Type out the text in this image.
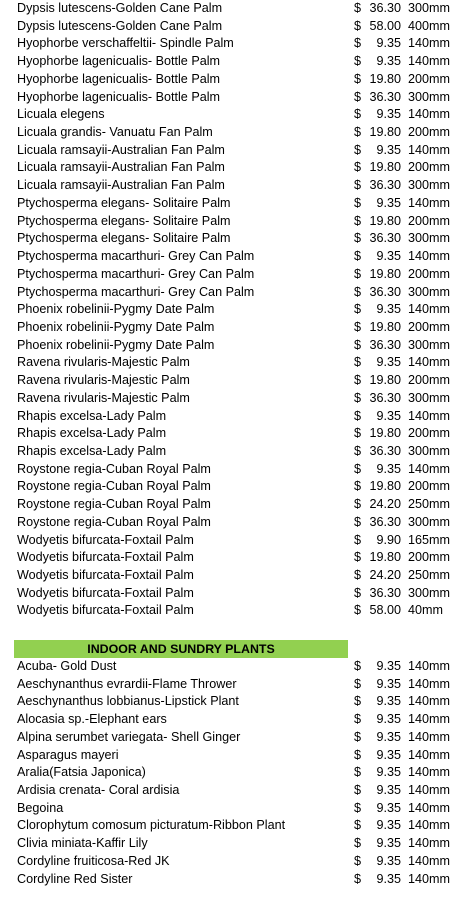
Dypsis lutescens-Golden Cane Palm	$ 36.30 300mm
Dypsis lutescens-Golden Cane Palm	$ 58.00 400mm
Hyophorbe verschaffeltii- Spindle Palm	$	9.35 140mm
Hyophorbe lagenicualis- Bottle Palm	$	9.35 140mm
Hyophorbe lagenicualis- Bottle Palm	$ 19.80 200mm
Hyophorbe lagenicualis- Bottle Palm	$ 36.30 300mm
Licuala elegens	$	9.35 140mm
Licuala grandis- Vanuatu Fan Palm	$ 19.80 200mm
Licuala ramsayii-Australian Fan Palm	$	9.35 140mm
Licuala ramsayii-Australian Fan Palm	$ 19.80 200mm
Licuala ramsayii-Australian Fan Palm	$ 36.30 300mm
Ptychosperma elegans- Solitaire Palm	$	9.35 140mm
Ptychosperma elegans- Solitaire Palm	$ 19.80 200mm
Ptychosperma elegans- Solitaire Palm	$ 36.30 300mm
Ptychosperma macarthuri- Grey Can Palm	$	9.35 140mm
Ptychosperma macarthuri- Grey Can Palm	$ 19.80 200mm
Ptychosperma macarthuri- Grey Can Palm	$ 36.30 300mm
Phoenix robelinii-Pygmy Date Palm	$	9.35 140mm
Phoenix robelinii-Pygmy Date Palm	$ 19.80 200mm
Phoenix robelinii-Pygmy Date Palm	$ 36.30 300mm
Ravena rivularis-Majestic Palm	$	9.35 140mm
Ravena rivularis-Majestic Palm	$ 19.80 200mm
Ravena rivularis-Majestic Palm	$ 36.30 300mm
Rhapis excelsa-Lady Palm	$	9.35 140mm
Rhapis excelsa-Lady Palm	$ 19.80 200mm
Rhapis excelsa-Lady Palm	$ 36.30 300mm
Roystone regia-Cuban Royal Palm	$	9.35 140mm
Roystone regia-Cuban Royal Palm	$ 19.80 200mm
Roystone regia-Cuban Royal Palm	$ 24.20 250mm
Roystone regia-Cuban Royal Palm	$ 36.30 300mm
Wodyetis bifurcata-Foxtail Palm	$	9.90 165mm
Wodyetis bifurcata-Foxtail Palm	$ 19.80 200mm
Wodyetis bifurcata-Foxtail Palm	$ 24.20 250mm
Wodyetis bifurcata-Foxtail Palm	$ 36.30 300mm
Wodyetis bifurcata-Foxtail Palm	$ 58.00 40mm
INDOOR AND SUNDRY PLANTS
Acuba- Gold Dust	$	9.35 140mm
Aeschynanthus evrardii-Flame Thrower	$	9.35 140mm
Aeschynanthus lobbianus-Lipstick Plant	$	9.35 140mm
Alocasia sp.-Elephant ears	$	9.35 140mm
Alpina serumbet variegata- Shell Ginger	$	9.35 140mm
Asparagus mayeri	$	9.35 140mm
Aralia(Fatsia Japonica)	$	9.35 140mm
Ardisia crenata- Coral ardisia	$	9.35 140mm
Begoina	$	9.35 140mm
Clorophytum comosum picturatum-Ribbon Plant	$	9.35 140mm
Clivia miniata-Kaffir Lily	$	9.35 140mm
Cordyline fruiticosa-Red JK	$	9.35 140mm
Cordyline Red Sister	$	9.35 140mm
